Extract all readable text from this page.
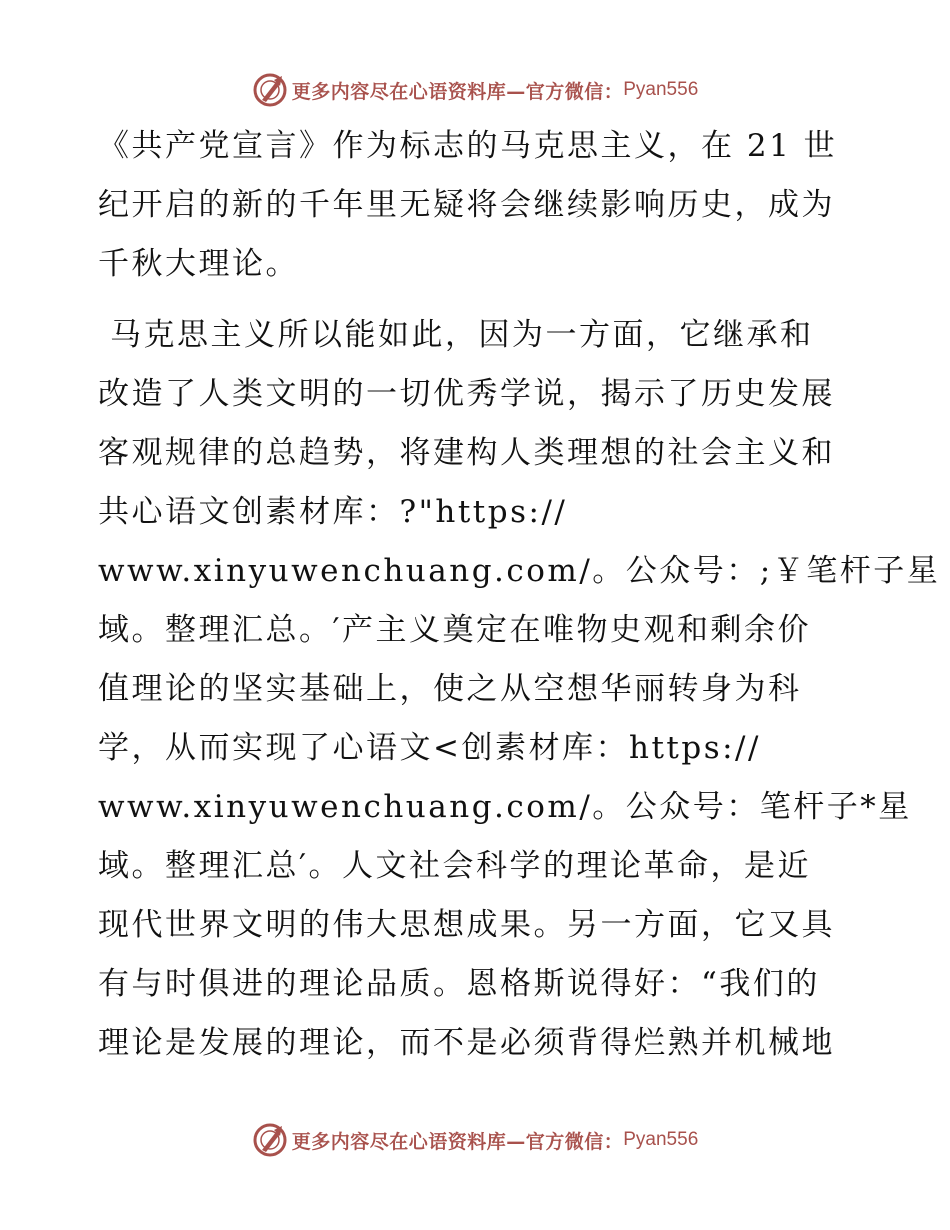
更多内容尽在心语资料库—官方微信： Pyan556
《共产党宣言》作为标志的马克思主义，在 21 世
纪开启的新的千年里无疑将会继续影响历史，成为
千秋大理论。
马克思主义所以能如此，因为一方面，它继承和
改造了人类文明的一切优秀学说，揭示了历史发展
客观规律的总趋势，将建构人类理想的社会主义和
共心语文创素材库：?"https://
www.xinyuwenchuang.com/。公众号：;￥笔杆子星
域。整理汇总。′产主义奠定在唯物史观和剩余价
值理论的坚实基础上，使之从空想华丽转身为科
学，从而实现了心语文<创素材库：https://
www.xinyuwenchuang.com/。公众号：笔杆子*星
域。整理汇总′。人文社会科学的理论革命，是近
现代世界文明的伟大思想成果。另一方面，它又具
有与时俱进的理论品质。恩格斯说得好：“我们的
理论是发展的理论，而不是必须背得烂熟并机械地
更多内容尽在心语资料库—官方微信： Pyan556
